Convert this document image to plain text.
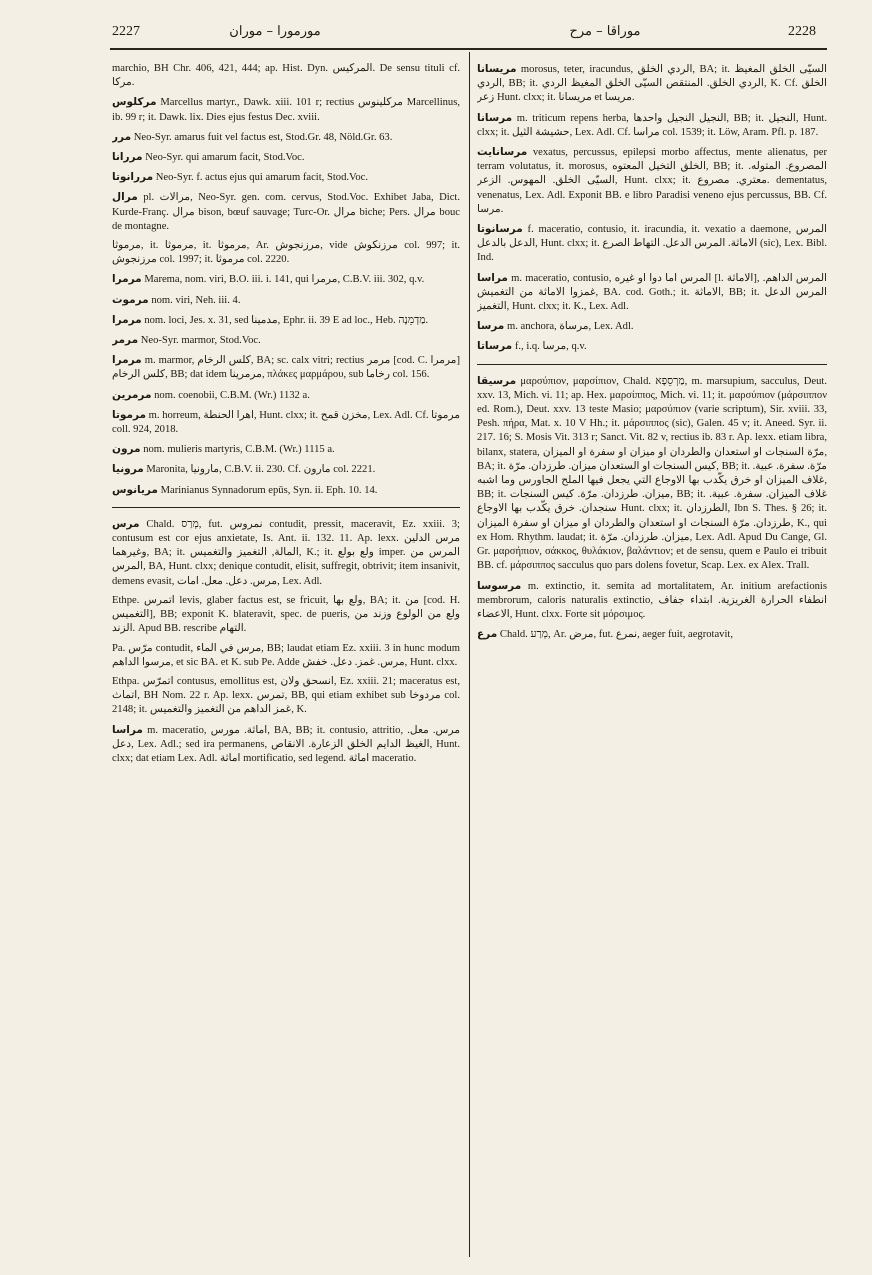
2227	مورمورا – موران	موراقا – مرح	2228

marchio, BH Chr. 406, 421, 444; ap. Hist. Dyn. المركيس. De sensu tituli cf. مركا.

مركلوس Marcellus martyr., Dawk. xiii. 101 r; rectius مركلينوس Marcellinus, ib. 99 r; it. Dawk. lix. Dies ejus festus Dec. xviii.

مرر Neo-Syr. amarus fuit vel factus est, Stod.Gr. 48, Nöld.Gr. 63.

مررانا Neo-Syr. qui amarum facit, Stod.Voc.

مررانوتا Neo-Syr. f. actus ejus qui amarum facit, Stod.Voc.

مرال pl. مرالات, Neo-Syr. gen. com. cervus, Stod.Voc. Exhibet Jaba, Dict. Kurde-Franç. مرال bison, bœuf sauvage; Turc-Or. مرال biche; Pers. مرال bouc de montagne.

مرموثا, it. مرموثا, it. مرموثا, Ar. مرزنجوش, vide مرزنكوش col. 997; it. مرزنجوش col. 1997; it. مرموثا col. 2220.

مرمرا Marema, nom. viri, B.O. iii. i. 141, qui مرمرا, C.B.V. iii. 302, q.v.

مرموت nom. viri, Neh. iii. 4.

مرمرا nom. loci, Jes. x. 31, sed مدمينا, Ephr. ii. 39 E ad loc., Heb. מַדְמֵנָה.

مرمر Neo-Syr. marmor, Stod.Voc.

مرمرا m. marmor, كلس الرخام, BA; sc. calx vitri; rectius مرمر [cod. C. مرمرا] كلس الرخام, BB; dat idem مرمرينا, πλάκες μαρμάρου, sub رخاما col. 156.

مرمرين nom. coenobii, C.B.M. (Wr.) 1132 a.

مرموتا m. horreum, اهرا الحنطة, Hunt. clxx; it. مخزن قمح, Lex. Adl. Cf. مرموتا coll. 924, 2018.

مرون nom. mulieris martyris, C.B.M. (Wr.) 1115 a.

مرونيا Maronita, مارونيا, C.B.V. ii. 230. Cf. مارون col. 2221.

مريانوس Marinianus Synnadorum epūs, Syn. ii. Eph. 10. 14.

مرس Chald. מְרַס, fut. نمروس contudit, pressit, maceravit, Ez. xxiii. 3; contusum est cor ejus anxietate, Is. Ant. ii. 132. 11. Ap. lexx. مرس الدلين وغيرهما, BA; it. المالة, التغميز والتغميس, K.; it. ولع بولع imper. المرس من المرس, BA, Hunt. clxx; denique contudit, elisit, suffregit, obtrivit; item insanivit, demens evasit, مرس. دعل. معل. امات, Lex. Adl.

Ethpe. اتمرس levis, glaber factus est, se fricuit, ولع بها, BA; it. من [cod. H. التغميس], BB; exponit K. blateravit, spec. de pueris, ولع من الولوع وزند من الزند. Apud BB. rescribe التهام.

Pa. مرّس contudit, مرس في الماء, BB; laudat etiam Ez. xxiii. 3 in hunc modum مرسوا الداهم, et sic BA. et K. sub Pe. Adde مرس. غمز. دعل. خفش, Hunt. clxx.

Ethpa. اتمرّس contusus, emollitus est, انسحق ولان, Ez. xxiii. 21; maceratus est, اتماث, BH Nom. 22 r. Ap. lexx. تمرس, BB, qui etiam exhibet sub مردوخا col. 2148; it. غمز الداهم من التغميز والتغميس, K.

مراسا m. maceratio, اماثة. مورس, BA, BB; it. contusio, attritio, مرس. معل. دعل, Lex. Adl.; sed ira permanens, الغيظ الدايم الخلق الزعارة. الانقاص, Hunt. clxx; dat etiam Lex. Adl. اماثة mortificatio, sed legend. اماثة maceratio.

مريسانا morosus, teter, iracundus, الردي الخلق, BA; it. السيّى الخلق المغيظ الردي, BB; it. الردي الخلق. المنتقص السيّى الخلق المغيظ الردي, K. Cf. الخلق زعر Hunt. clxx; it. مريسانا et مريسا.

مرسانا m. triticum repens herba, النجيل النجيل واحدها, BB; it. النجيل, Hunt. clxx; it. حشيشة الثيل, Lex. Adl. Cf. مراسا col. 1539; it. Löw, Aram. Pfl. p. 187.

مرسانايت vexatus, percussus, epilepsi morbo affectus, mente alienatus, per terram volutatus, it. morosus, الخلق التخيل المعتوه, BB; it. المصروع. المتوله. السيّى الخلق. المهوس. الزعر, Hunt. clxx; it. معتري. مصروع. dementatus, venenatus, Lex. Adl. Exponit BB. e libro Paradisi veneno ejus percussus, BB. Cf. مرسا.

مرسانوتا f. maceratio, contusio, it. iracundia, it. vexatio a daemone, المرس الدعل بالدعل, Hunt. clxx; it. الاماثة. المرس الدعل. التهاط الصرع (sic), Lex. Bibl. Ind.

مراسا m. maceratio, contusio, المرس اما دوا او غيره [l. الاماثة], المرس الداهم. غمزوا الاماثة من التغميش, BA. cod. Goth.; it. الاماثة, BB; it. المرس الدعل التغميز, Hunt. clxx; it. K., Lex. Adl.

مرسا m. anchora, مرساة, Lex. Adl.

مرساتا f., i.q. مرسا, q.v.

مرسيقا μαρσύπιον, μαρσίπιον, Chald. מַרְסֵפָא, m. marsupium, sacculus, Deut. xxv. 13, Mich. vi. 11; ap. Hex. μαρσίππος, Mich. vi. 11; it. μαρσύπιον (μάρσιππον ed. Rom.), Deut. xxv. 13 teste Masio; μαρσύπιον (varie scriptum), Sir. xviii. 33, Pesh. πήρα, Mat. x. 10 V Hh.; it. μάρσιππος (sic), Galen. 45 v; it. Aneed. Syr. ii. 217. 16; S. Mosis Vit. 313 r; Sanct. Vit. 82 v, rectius ib. 83 r. Ap. lexx. etiam libra, bilanx, statera, مرّة السنجات او استعدان والطردان او ميزان او سفرة او الميزان, BA; it. كيس السنجات او الستعدان ميزان. طرزدان. مرّة, BB; it. مرّة. سفرة. عبية. غلاف الميزان او خرق يكّدب بها الاوجاع التي يجعل فيها الملح الجاورس وما اشبه, BB; it. ميزان. طرزدان. مرّة. كيس السنجات, BB; it. غلاف الميزان. سفرة. عبية. سنجدان. خرق يكّدب بها الاوجاع Hunt. clxx; it. الطرزدان, Ibn S. Thes. § 26; it. طرزدان. مرّة السنجات او استعدان والطردان او ميزان او سفرة الميزان, K., qui ex Hom. Rhythm. laudat; it. ميزان. طرزدان. مرّة, Lex. Adl. Apud Du Cange, Gl. Gr. μαρσήπιον, σάκκος, θυλάκιον, βαλάντιον; et de sensu, quem e Paulo ei tribuit BB. cf. μάρσιππος sacculus quo pars dolens fovetur, Scap. Lex. ex Alex. Trall.

مرسوسا m. extinctio, it. semita ad mortalitatem, Ar. initium arefactionis membrorum, caloris naturalis extinctio, انطفاء الحرارة الغريزية. ابتداء جفاف الاعضاء, Hunt. clxx. Forte sit μόρσιμος.

مرع Chald. מְרַע, Ar. مرض, fut. نمرع, aeger fuit, aegrotavit,
